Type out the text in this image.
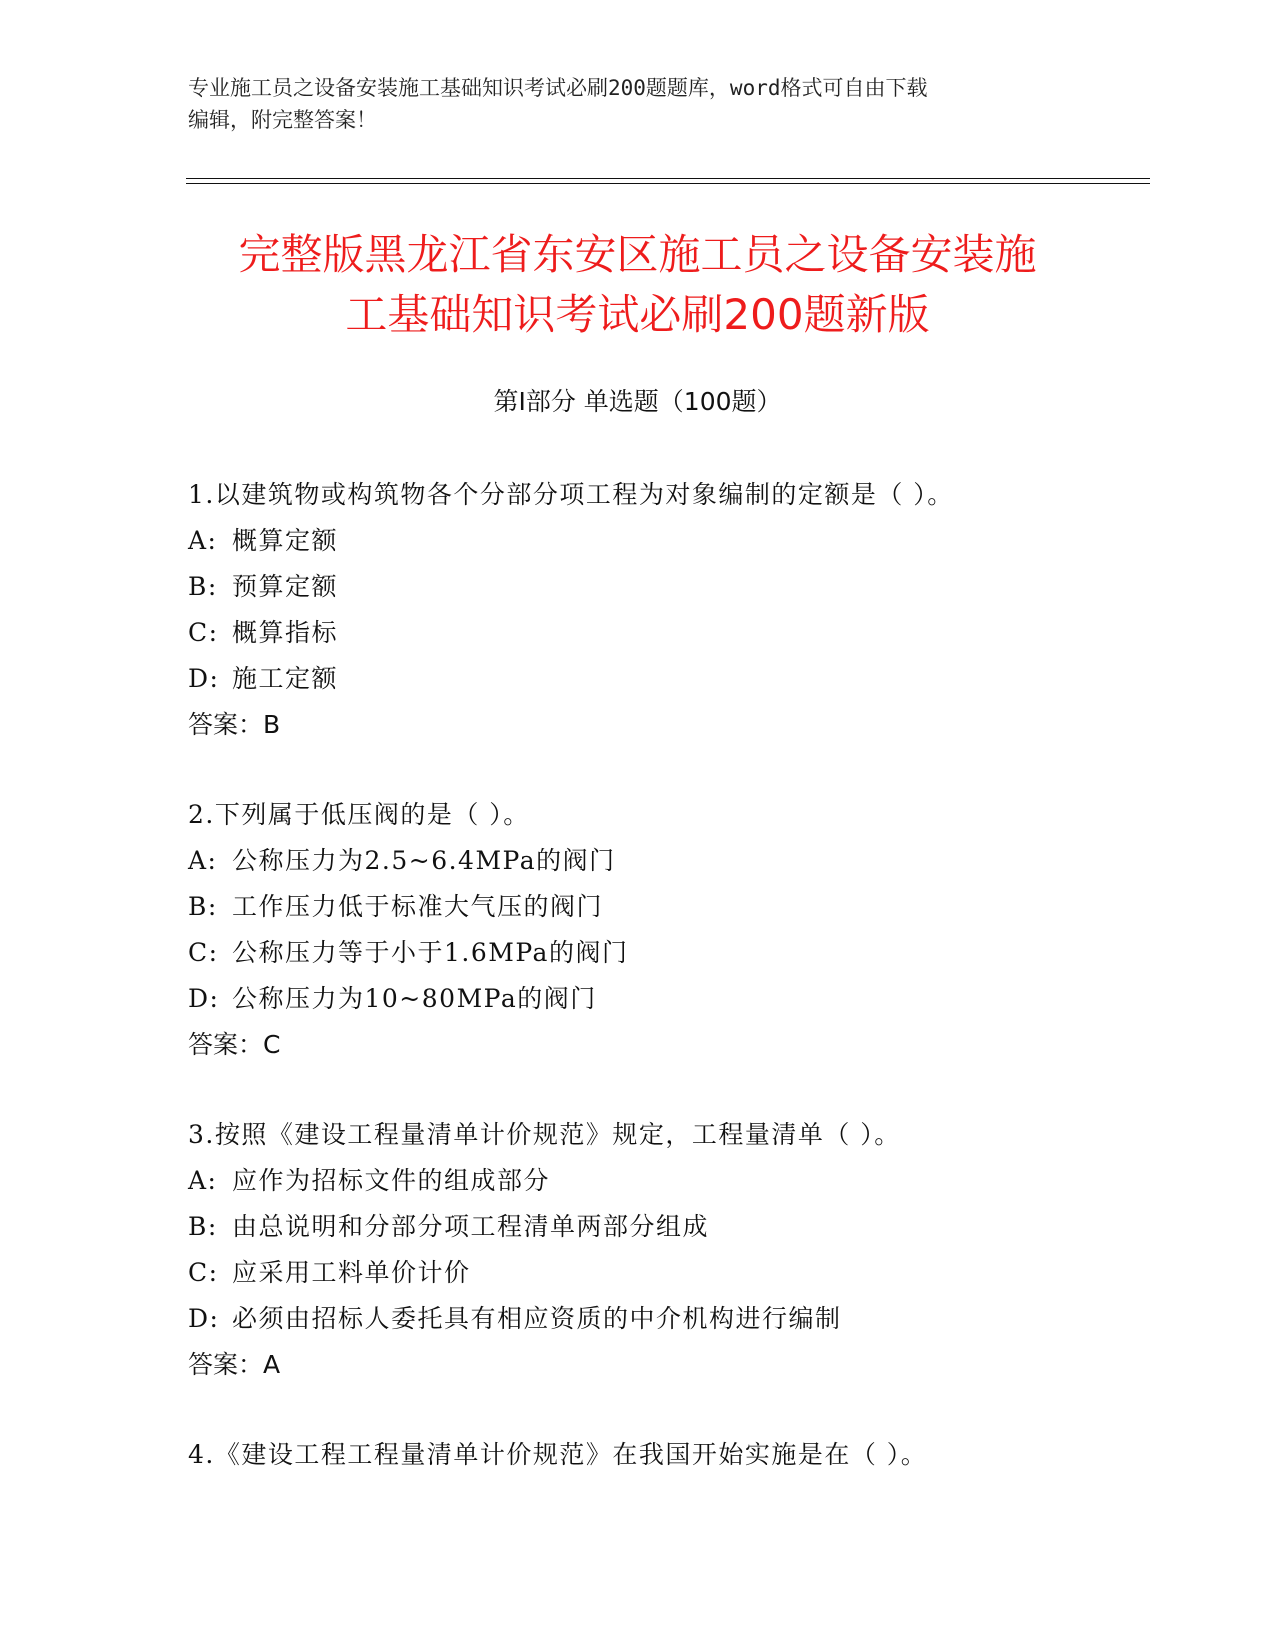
专业施工员之设备安装施工基础知识考试必刷200题题库，word格式可自由下载
编辑，附完整答案！
完整版黑龙江省东安区施工员之设备安装施
工基础知识考试必刷200题新版
第Ⅰ部分 单选题（100题）
1.以建筑物或构筑物各个分部分项工程为对象编制的定额是（ ）。
A: 概算定额
B: 预算定额
C: 概算指标
D: 施工定额
答案：B
2.下列属于低压阀的是（ ）。
A: 公称压力为2.5~6.4MPa的阀门
B: 工作压力低于标准大气压的阀门
C: 公称压力等于小于1.6MPa的阀门
D: 公称压力为10~80MPa的阀门
答案：C
3.按照《建设工程量清单计价规范》规定，工程量清单（ ）。
A: 应作为招标文件的组成部分
B: 由总说明和分部分项工程清单两部分组成
C: 应采用工料单价计价
D: 必须由招标人委托具有相应资质的中介机构进行编制
答案：A
4.《建设工程工程量清单计价规范》在我国开始实施是在（ ）。
